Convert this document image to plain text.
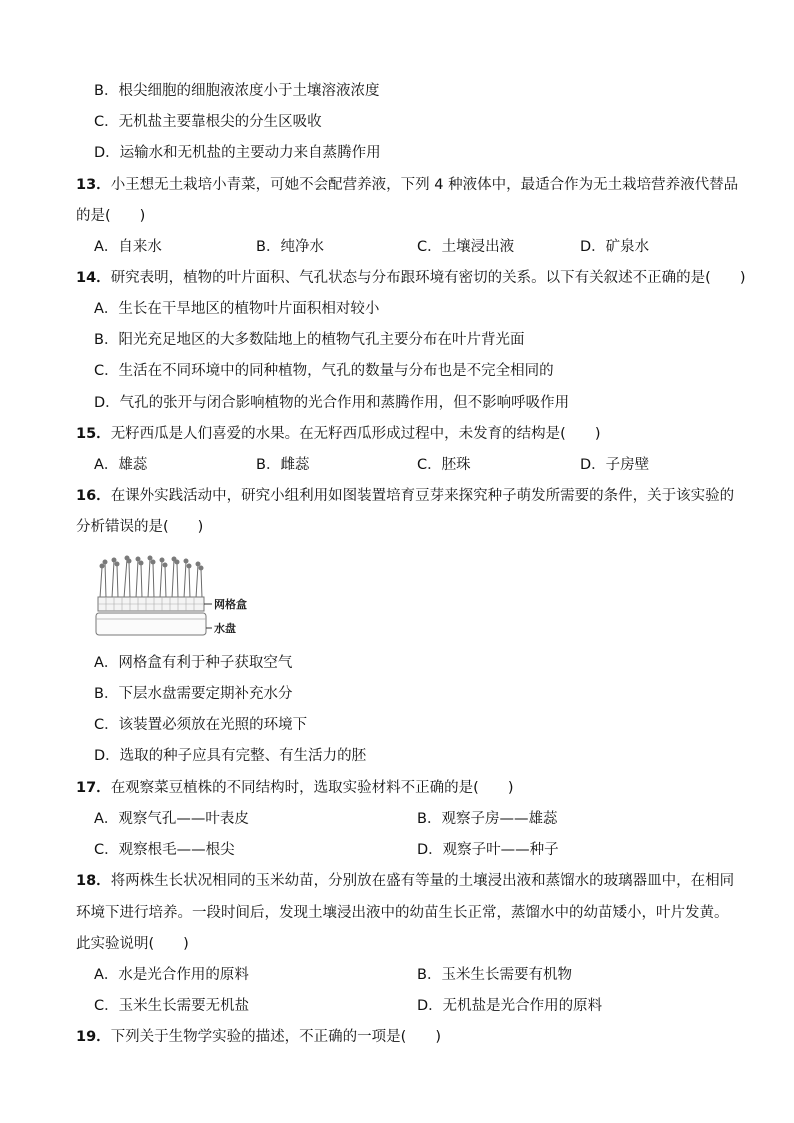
B．根尖细胞的细胞液浓度小于土壤溶液浓度
C．无机盐主要靠根尖的分生区吸收
D．运输水和无机盐的主要动力来自蒸腾作用
13．小王想无土栽培小青菜，可她不会配营养液，下列 4 种液体中，最适合作为无土栽培营养液代替品
的是(　　)
A．自来水	B．纯净水	C．土壤浸出液	D．矿泉水
14．研究表明，植物的叶片面积、气孔状态与分布跟环境有密切的关系。以下有关叙述不正确的是(　　)
A．生长在干旱地区的植物叶片面积相对较小
B．阳光充足地区的大多数陆地上的植物气孔主要分布在叶片背光面
C．生活在不同环境中的同种植物，气孔的数量与分布也是不完全相同的
D．气孔的张开与闭合影响植物的光合作用和蒸腾作用，但不影响呼吸作用
15．无籽西瓜是人们喜爱的水果。在无籽西瓜形成过程中，未发育的结构是(　　)
A．雄蕊	B．雌蕊	C．胚珠	D．子房壁
16．在课外实践活动中，研究小组利用如图装置培育豆芽来探究种子萌发所需要的条件，关于该实验的
分析错误的是(　　)
网格盒
水盘
A．网格盒有利于种子获取空气
B．下层水盘需要定期补充水分
C．该装置必须放在光照的环境下
D．选取的种子应具有完整、有生活力的胚
17．在观察菜豆植株的不同结构时，选取实验材料不正确的是(　　)
A．观察气孔——叶表皮	B．观察子房——雄蕊
C．观察根毛——根尖	D．观察子叶——种子
18．将两株生长状况相同的玉米幼苗，分别放在盛有等量的土壤浸出液和蒸馏水的玻璃器皿中，在相同
环境下进行培养。一段时间后，发现土壤浸出液中的幼苗生长正常，蒸馏水中的幼苗矮小，叶片发黄。
此实验说明(　　)
A．水是光合作用的原料	B．玉米生长需要有机物
C．玉米生长需要无机盐	D．无机盐是光合作用的原料
19．下列关于生物学实验的描述，不正确的一项是(　　)
